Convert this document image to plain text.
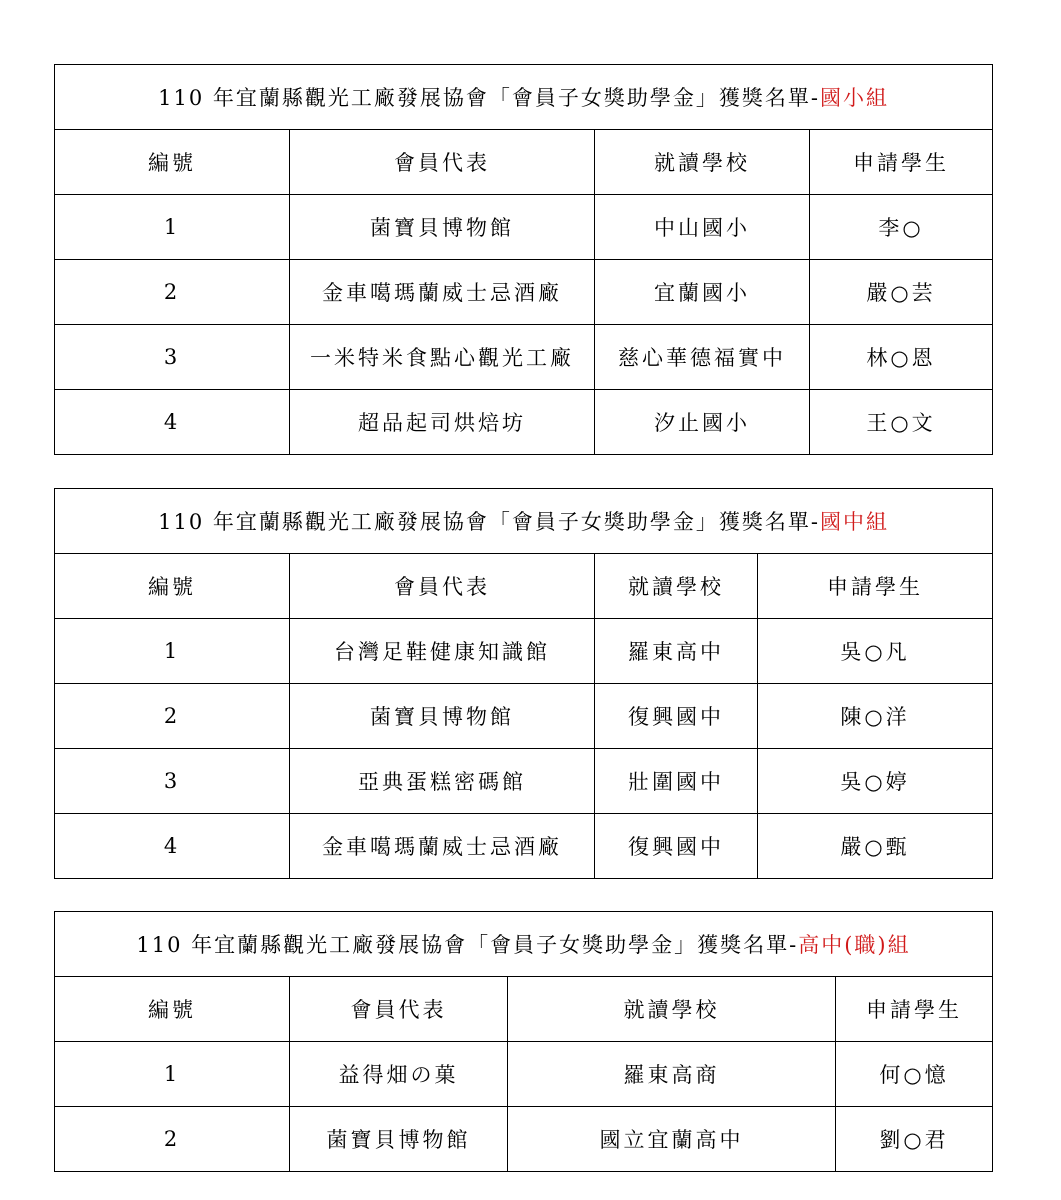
110 年宜蘭縣觀光工廠發展協會「會員子女獎助學金」獲獎名單-國小組			
編號	會員代表	就讀學校	申請學生
1	菌寶貝博物館	中山國小	李○
2	金車噶瑪蘭威士忌酒廠	宜蘭國小	嚴○芸
3	一米特米食點心觀光工廠	慈心華德福實中	林○恩
4	超品起司烘焙坊	汐止國小	王○文
110 年宜蘭縣觀光工廠發展協會「會員子女獎助學金」獲獎名單-國中組			
編號	會員代表	就讀學校	申請學生
1	台灣足鞋健康知識館	羅東高中	吳○凡
2	菌寶貝博物館	復興國中	陳○洋
3	亞典蛋糕密碼館	壯圍國中	吳○婷
4	金車噶瑪蘭威士忌酒廠	復興國中	嚴○甄
110 年宜蘭縣觀光工廠發展協會「會員子女獎助學金」獲獎名單-高中(職)組			
編號	會員代表	就讀學校	申請學生
1	益得畑の菓	羅東高商	何○憶
2	菌寶貝博物館	國立宜蘭高中	劉○君
